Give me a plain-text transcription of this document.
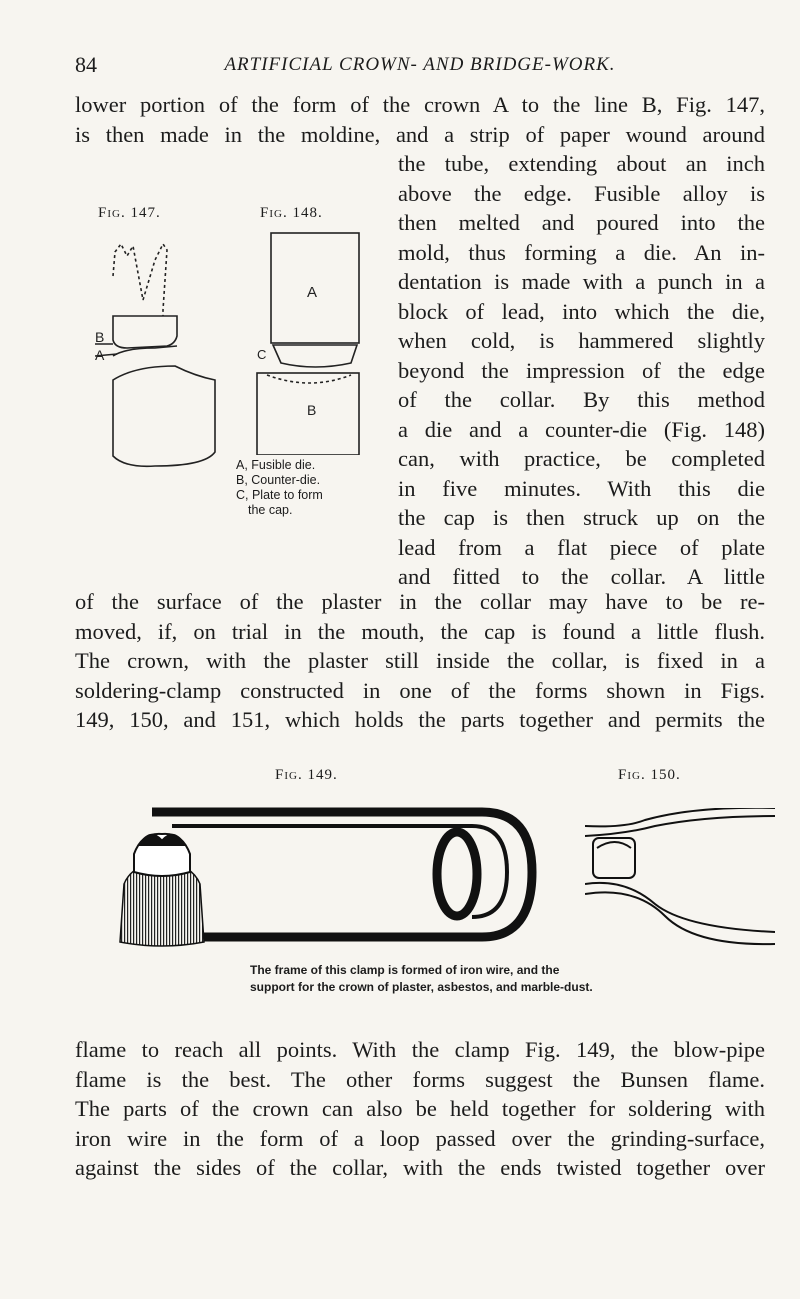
84	ARTIFICIAL CROWN- AND BRIDGE-WORK.

lower portion of the form of the crown A to the line B, Fig. 147,
is then made in the moldine, and a strip of paper wound around

the tube, extending about an inch
above the edge. Fusible alloy is
then melted and poured into the
mold, thus forming a die. An in-
dentation is made with a punch in a
block of lead, into which the die,
when cold, is hammered slightly
beyond the impression of the edge
of the collar. By this method
a die and a counter-die (Fig. 148)
can, with practice, be completed
in five minutes. With this die
the cap is then struck up on the
lead from a flat piece of plate
and fitted to the collar. A little

of the surface of the plaster in the collar may have to be re-
moved, if, on trial in the mouth, the cap is found a little flush.
The crown, with the plaster still inside the collar, is fixed in a
soldering-clamp constructed in one of the forms shown in Figs.
149, 150, and 151, which holds the parts together and permits the

flame to reach all points. With the clamp Fig. 149, the blow-pipe
flame is the best. The other forms suggest the Bunsen flame.
The parts of the crown can also be held together for soldering with
iron wire in the form of a loop passed over the grinding-surface,
against the sides of the collar, with the ends twisted together over

Fig. 147.	Fig. 148.
B
A
A
C
B
A, Fusible die.
B, Counter-die.
C, Plate to form
the cap.
Fig. 149.	Fig. 150.
The frame of this clamp is formed of iron wire, and the
support for the crown of plaster, asbestos, and marble-dust.
